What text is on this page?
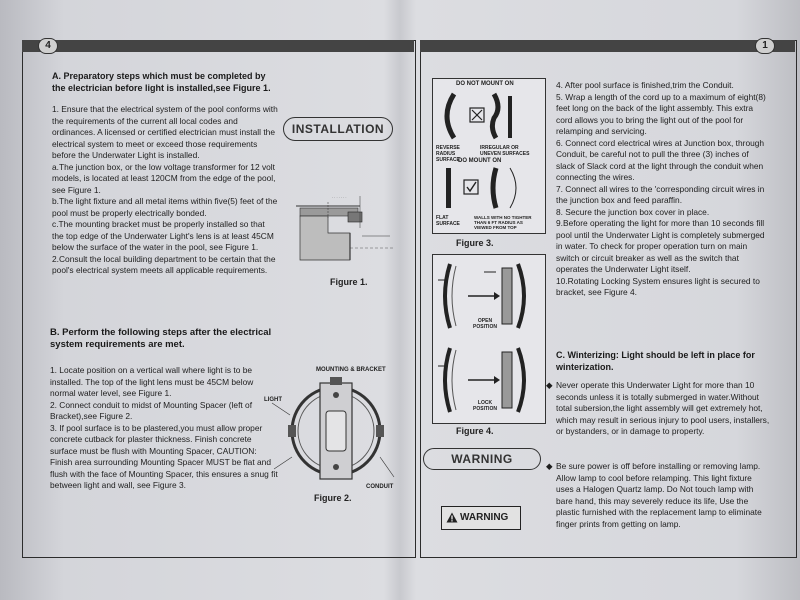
4	1
A. Preparatory steps which must be completed by the electrician before light is installed,see Figure 1.

1. Ensure that the electrical system of the pool conforms with the requirements of the current all local codes and ordinances. A licensed or certified electrician must install the electrical system to meet or exceed those requirements before the Underwater Light is installed.

a.The junction box, or the low voltage transformer for 12 volt models, is located at least 120CM from the edge of the pool, see Figure 1.

b.The light fixture and all metal items within five(5) feet of the pool must be properly electrically bonded.

c.The mounting bracket must be properly installed so that the top edge of the Underwater Light's lens is at least 45CM below the surface of the water in the pool, see Figure 1.

2.Consult the local building department to be certain that the pool's electrical system meets all applicable requirements.

B. Perform the following steps after the electrical system requirements are met.

1. Locate position on a vertical wall where light is to be installed. The top of the light lens must be 45CM below normal water level, see Figure 1.

2. Connect conduit to midst of Mounting Spacer (left of Bracket),see Figure 2.

3. If pool surface is to be plastered,you must allow proper concrete cutback for plaster thickness. Finish concrete surface must be flush with Mounting Spacer, CAUTION: Finish area surrounding Mounting Spacer MUST be flat and flush with the face of Mounting Spacer, this ensures a snug fit between light and wall, see Figure 3.

INSTALLATION
. . . . . . .
Figure 1.
MOUNTING & BRACKET
LIGHT
CONDUIT
Figure 2.
DO NOT MOUNT ON
REVERSE RADIUS SURFACE
IRREGULAR OR UNEVEN SURFACES
DO MOUNT ON
FLAT SURFACE
WALLS WITH NO TIGHTER THAN 6 FT RADIUS AS VIEWED FROM TOP
Figure 3.
OPEN POSITION
LOCK POSITION
Figure 4.
WARNING
WARNING

4. After pool surface is finished,trim the Conduit.

5. Wrap a length of the cord up to a maximum of eight(8) feet long on the back of the light assembly. This extra cord allows you to bring the light out of the pool for relamping and servicing.

6. Connect cord electrical wires at Junction box, through Conduit, be careful not to pull the three (3) inches of slack of Slack cord at the light through the conduit when connecting the wires.

7. Connect all wires to the 'corresponding circuit wires in the junction box and feed paraffin.

8. Secure the junction box cover in place.

9.Before operating the light for more than 10 seconds fill pool until the Underwater Light is completely submerged in water. To check for proper operation turn on main switch or circuit breaker as well as the switch that operates the Underwater Light itself.

10.Rotating Locking System ensures light is secured to bracket, see Figure 4.

C. Winterizing: Light should be left in place for winterization.
◆ Never operate this Underwater Light for more than 10 seconds unless it is totally submerged in water.Without total subersion,the light assembly will get extremely hot, which may result in serious injury to pool users, installers, or bystanders, or in damage to property.
◆ Be sure power is off before installing or removing lamp. Allow lamp to cool before relamping. This light fixture uses a Halogen Quartz lamp. Do Not touch lamp with bare hand, this may severely reduce its life, Use the plastic furnished with the replacement lamp to eliminate finger prints from getting on lamp.
